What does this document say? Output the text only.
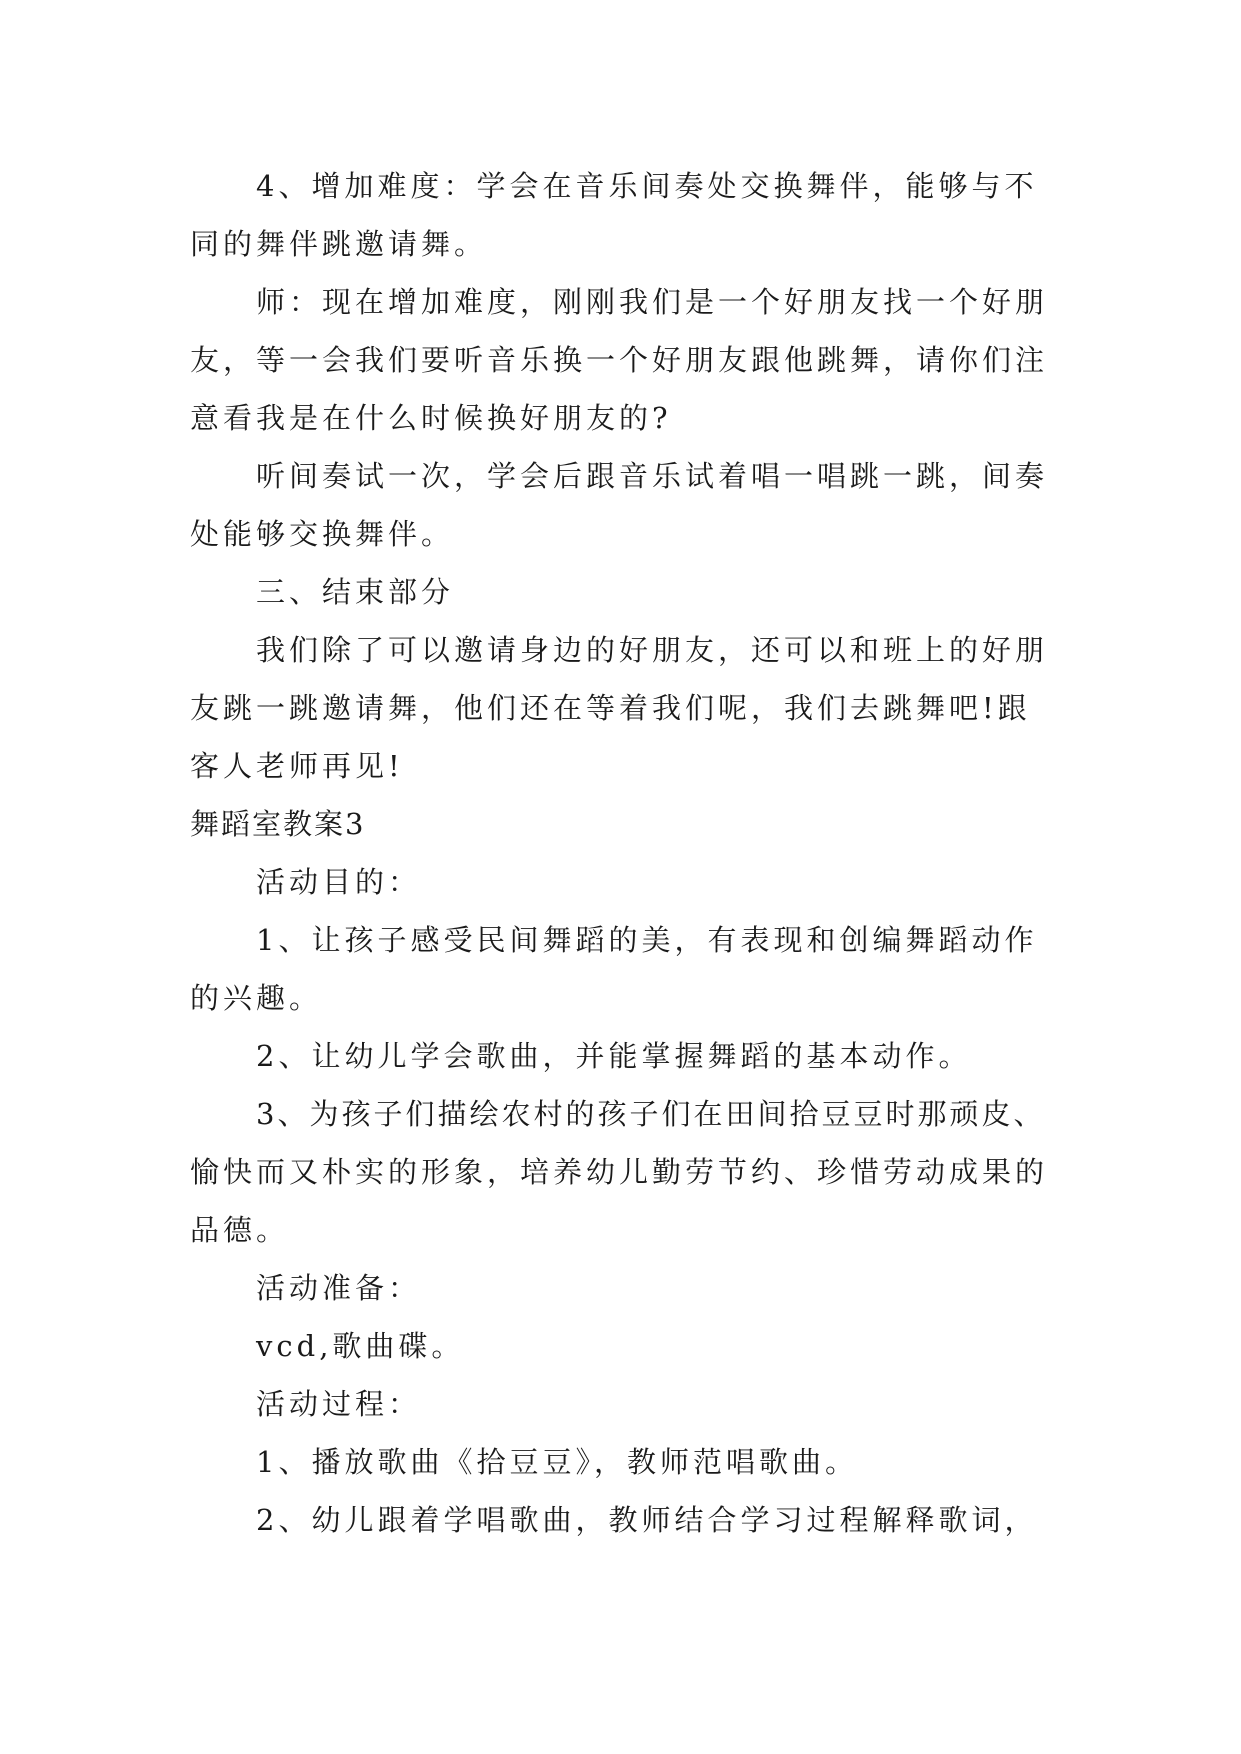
4、增加难度：学会在音乐间奏处交换舞伴，能够与不
同的舞伴跳邀请舞。
师：现在增加难度，刚刚我们是一个好朋友找一个好朋
友，等一会我们要听音乐换一个好朋友跟他跳舞，请你们注
意看我是在什么时候换好朋友的?
听间奏试一次，学会后跟音乐试着唱一唱跳一跳，间奏
处能够交换舞伴。
三、结束部分
我们除了可以邀请身边的好朋友，还可以和班上的好朋
友跳一跳邀请舞，他们还在等着我们呢，我们去跳舞吧!跟
客人老师再见!
舞蹈室教案3
活动目的：
1、让孩子感受民间舞蹈的美，有表现和创编舞蹈动作
的兴趣。
2、让幼儿学会歌曲，并能掌握舞蹈的基本动作。
3、为孩子们描绘农村的孩子们在田间拾豆豆时那顽皮、
愉快而又朴实的形象，培养幼儿勤劳节约、珍惜劳动成果的
品德。
活动准备：
vcd,歌曲碟。
活动过程：
1、播放歌曲《拾豆豆》，教师范唱歌曲。
2、幼儿跟着学唱歌曲，教师结合学习过程解释歌词，
